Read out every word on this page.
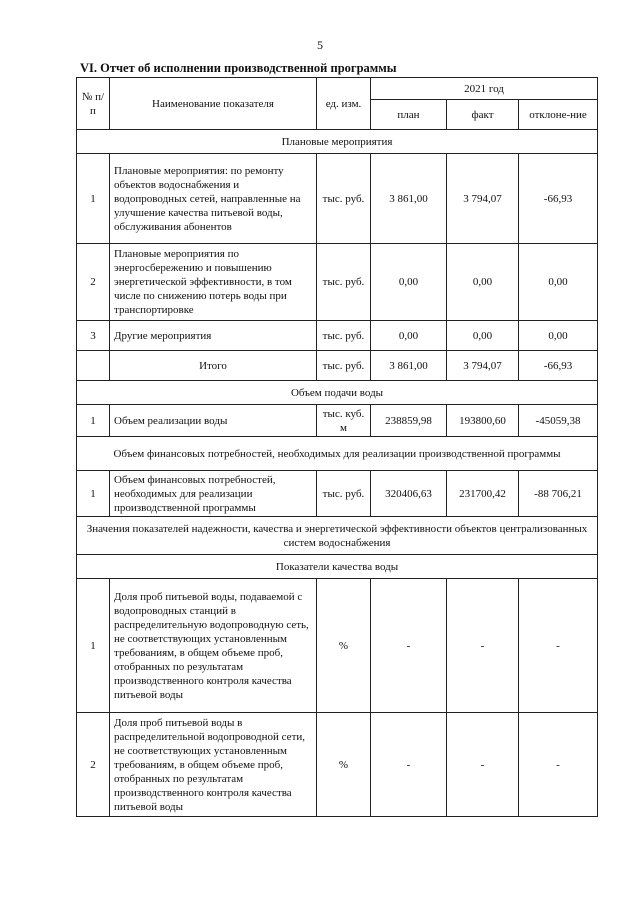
5
VI. Отчет об исполнении производственной программы
№ п/п	Наименование показателя	ед. изм.	2021 год		
			план	факт	отклоне-ние
Плановые мероприятия					
1	Плановые мероприятия: по ремонту объектов водоснабжения и водопроводных сетей, направленные на улучшение качества питьевой воды, обслуживания абонентов	тыс. руб.	3 861,00	3 794,07	-66,93
2	Плановые мероприятия по энергосбережению и повышению энергетической эффективности, в том числе по снижению потерь воды при транспортировке	тыс. руб.	0,00	0,00	0,00
3	Другие мероприятия	тыс. руб.	0,00	0,00	0,00
	Итого	тыс. руб.	3 861,00	3 794,07	-66,93
Объем подачи воды					
1	Объем реализации воды	тыс. куб. м	238859,98	193800,60	-45059,38
Объем финансовых потребностей, необходимых для реализации производственной программы					
1	Объем финансовых потребностей, необходимых для реализации производственной программы	тыс. руб.	320406,63	231700,42	-88 706,21
Значения показателей надежности, качества и энергетической эффективности объектов централизованных систем водоснабжения					
Показатели качества воды					
1	Доля проб питьевой воды, подаваемой с водопроводных станций в распределительную водопроводную сеть, не соответствующих установленным требованиям, в общем объеме проб, отобранных по результатам производственного контроля качества питьевой воды	%	-	-	-
2	Доля проб питьевой воды в распределительной водопроводной сети, не соответствующих установленным требованиям, в общем объеме проб, отобранных по результатам производственного контроля качества питьевой воды	%	-	-	-
